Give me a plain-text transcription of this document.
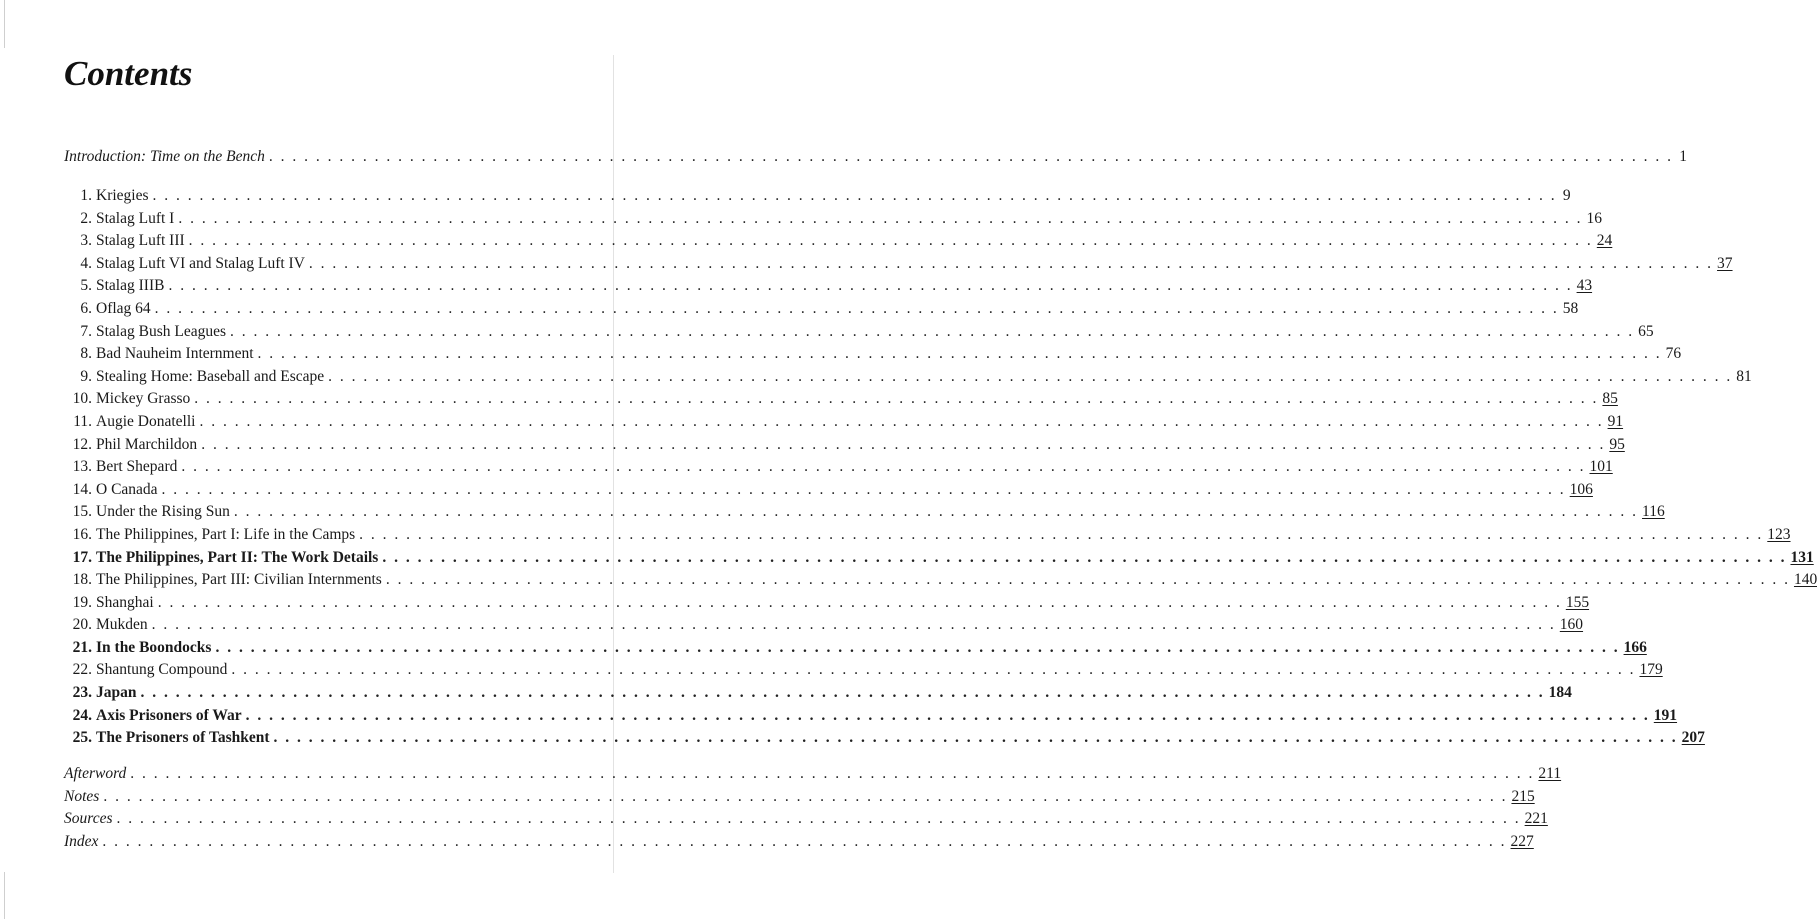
Contents
Introduction: Time on the Bench . . . . . . . . . . . . . . . . . . . . . . . . . . . . . . . . . . . . . . . . . . . . . . . . . . . . . . . . . . . . . . . . . . . . . . . . . . . . . . . . . . . . . . . . . . . . . . . . . . . . . . . . . . . . . . . . . . . . . . . . 1
1. Kriegies . . . . . . . . . . . . . . . . . . . . . . . . . . . . . . . . . . . . . . . . . . . . . . . . . . . . . . . . . . . . . . . . . . . . . . . . . . . . . . . . . . . . . . . . . . . . . . . . . . . . . . . . . . . . . . . . . . . . . . . . 9
2. Stalag Luft I . . . . . . . . . . . . . . . . . . . . . . . . . . . . . . . . . . . . . . . . . . . . . . . . . . . . . . . . . . . . . . . . . . . . . . . . . . . . . . . . . . . . . . . . . . . . . . . . . . . . . . . . . . . . . . . . . . . . . . . . 16
3. Stalag Luft III . . . . . . . . . . . . . . . . . . . . . . . . . . . . . . . . . . . . . . . . . . . . . . . . . . . . . . . . . . . . . . . . . . . . . . . . . . . . . . . . . . . . . . . . . . . . . . . . . . . . . . . . . . . . . . . . . . . . . . . . 24
4. Stalag Luft VI and Stalag Luft IV . . . . . . . . . . . . . . . . . . . . . . . . . . . . . . . . . . . . . . . . . . . . . . . . . . . . . . . . . . . . . . . . . . . . . . . . . . . . . . . . . . . . . . . . . . . . . . . . . . . . . . . . . . . . . . . . . . . . . . . . 37
5. Stalag IIIB . . . . . . . . . . . . . . . . . . . . . . . . . . . . . . . . . . . . . . . . . . . . . . . . . . . . . . . . . . . . . . . . . . . . . . . . . . . . . . . . . . . . . . . . . . . . . . . . . . . . . . . . . . . . . . . . . . . . . . . . 43
6. Oflag 64 . . . . . . . . . . . . . . . . . . . . . . . . . . . . . . . . . . . . . . . . . . . . . . . . . . . . . . . . . . . . . . . . . . . . . . . . . . . . . . . . . . . . . . . . . . . . . . . . . . . . . . . . . . . . . . . . . . . . . . . . 58
7. Stalag Bush Leagues . . . . . . . . . . . . . . . . . . . . . . . . . . . . . . . . . . . . . . . . . . . . . . . . . . . . . . . . . . . . . . . . . . . . . . . . . . . . . . . . . . . . . . . . . . . . . . . . . . . . . . . . . . . . . . . . . . . . . . . . 65
8. Bad Nauheim Internment . . . . . . . . . . . . . . . . . . . . . . . . . . . . . . . . . . . . . . . . . . . . . . . . . . . . . . . . . . . . . . . . . . . . . . . . . . . . . . . . . . . . . . . . . . . . . . . . . . . . . . . . . . . . . . . . . . . . . . . . 76
9. Stealing Home: Baseball and Escape . . . . . . . . . . . . . . . . . . . . . . . . . . . . . . . . . . . . . . . . . . . . . . . . . . . . . . . . . . . . . . . . . . . . . . . . . . . . . . . . . . . . . . . . . . . . . . . . . . . . . . . . . . . . . . . . . . . . . . . . 81
10. Mickey Grasso . . . . . . . . . . . . . . . . . . . . . . . . . . . . . . . . . . . . . . . . . . . . . . . . . . . . . . . . . . . . . . . . . . . . . . . . . . . . . . . . . . . . . . . . . . . . . . . . . . . . . . . . . . . . . . . . . . . . . . . . 85
11. Augie Donatelli . . . . . . . . . . . . . . . . . . . . . . . . . . . . . . . . . . . . . . . . . . . . . . . . . . . . . . . . . . . . . . . . . . . . . . . . . . . . . . . . . . . . . . . . . . . . . . . . . . . . . . . . . . . . . . . . . . . . . . . . 91
12. Phil Marchildon . . . . . . . . . . . . . . . . . . . . . . . . . . . . . . . . . . . . . . . . . . . . . . . . . . . . . . . . . . . . . . . . . . . . . . . . . . . . . . . . . . . . . . . . . . . . . . . . . . . . . . . . . . . . . . . . . . . . . . . . 95
13. Bert Shepard . . . . . . . . . . . . . . . . . . . . . . . . . . . . . . . . . . . . . . . . . . . . . . . . . . . . . . . . . . . . . . . . . . . . . . . . . . . . . . . . . . . . . . . . . . . . . . . . . . . . . . . . . . . . . . . . . . . . . . . . 101
14. O Canada . . . . . . . . . . . . . . . . . . . . . . . . . . . . . . . . . . . . . . . . . . . . . . . . . . . . . . . . . . . . . . . . . . . . . . . . . . . . . . . . . . . . . . . . . . . . . . . . . . . . . . . . . . . . . . . . . . . . . . . . 106
15. Under the Rising Sun . . . . . . . . . . . . . . . . . . . . . . . . . . . . . . . . . . . . . . . . . . . . . . . . . . . . . . . . . . . . . . . . . . . . . . . . . . . . . . . . . . . . . . . . . . . . . . . . . . . . . . . . . . . . . . . . . . . . . . . . 116
16. The Philippines, Part I: Life in the Camps . . . . . . . . . . . . . . . . . . . . . . . . . . . . . . . . . . . . . . . . . . . . . . . . . . . . . . . . . . . . . . . . . . . . . . . . . . . . . . . . . . . . . . . . . . . . . . . . . . . . . . . . . . . . . . . . . . . . . . . . 123
17. The Philippines, Part II: The Work Details . . . . . . . . . . . . . . . . . . . . . . . . . . . . . . . . . . . . . . . . . . . . . . . . . . . . . . . . . . . . . . . . . . . . . . . . . . . . . . . . . . . . . . . . . . . . . . . . . . . . . . . . . . . . . . . . . . . . . . . . 131
18. The Philippines, Part III: Civilian Internments . . . . . . . . . . . . . . . . . . . . . . . . . . . . . . . . . . . . . . . . . . . . . . . . . . . . . . . . . . . . . . . . . . . . . . . . . . . . . . . . . . . . . . . . . . . . . . . . . . . . . . . . . . . . . . . . . . . . . . . . 140
19. Shanghai . . . . . . . . . . . . . . . . . . . . . . . . . . . . . . . . . . . . . . . . . . . . . . . . . . . . . . . . . . . . . . . . . . . . . . . . . . . . . . . . . . . . . . . . . . . . . . . . . . . . . . . . . . . . . . . . . . . . . . . . 155
20. Mukden . . . . . . . . . . . . . . . . . . . . . . . . . . . . . . . . . . . . . . . . . . . . . . . . . . . . . . . . . . . . . . . . . . . . . . . . . . . . . . . . . . . . . . . . . . . . . . . . . . . . . . . . . . . . . . . . . . . . . . . . 160
21. In the Boondocks . . . . . . . . . . . . . . . . . . . . . . . . . . . . . . . . . . . . . . . . . . . . . . . . . . . . . . . . . . . . . . . . . . . . . . . . . . . . . . . . . . . . . . . . . . . . . . . . . . . . . . . . . . . . . . . . . . . . . . . . 166
22. Shantung Compound . . . . . . . . . . . . . . . . . . . . . . . . . . . . . . . . . . . . . . . . . . . . . . . . . . . . . . . . . . . . . . . . . . . . . . . . . . . . . . . . . . . . . . . . . . . . . . . . . . . . . . . . . . . . . . . . . . . . . . . . 179
23. Japan . . . . . . . . . . . . . . . . . . . . . . . . . . . . . . . . . . . . . . . . . . . . . . . . . . . . . . . . . . . . . . . . . . . . . . . . . . . . . . . . . . . . . . . . . . . . . . . . . . . . . . . . . . . . . . . . . . . . . . . . 184
24. Axis Prisoners of War . . . . . . . . . . . . . . . . . . . . . . . . . . . . . . . . . . . . . . . . . . . . . . . . . . . . . . . . . . . . . . . . . . . . . . . . . . . . . . . . . . . . . . . . . . . . . . . . . . . . . . . . . . . . . . . . . . . . . . . . 191
25. The Prisoners of Tashkent . . . . . . . . . . . . . . . . . . . . . . . . . . . . . . . . . . . . . . . . . . . . . . . . . . . . . . . . . . . . . . . . . . . . . . . . . . . . . . . . . . . . . . . . . . . . . . . . . . . . . . . . . . . . . . . . . . . . . . . . 207
Afterword . . . . . . . . . . . . . . . . . . . . . . . . . . . . . . . . . . . . . . . . . . . . . . . . . . . . . . . . . . . . . . . . . . . . . . . . . . . . . . . . . . . . . . . . . . . . . . . . . . . . . . . . . . . . . . . . . . . . . . . . 211
Notes . . . . . . . . . . . . . . . . . . . . . . . . . . . . . . . . . . . . . . . . . . . . . . . . . . . . . . . . . . . . . . . . . . . . . . . . . . . . . . . . . . . . . . . . . . . . . . . . . . . . . . . . . . . . . . . . . . . . . . . . 215
Sources . . . . . . . . . . . . . . . . . . . . . . . . . . . . . . . . . . . . . . . . . . . . . . . . . . . . . . . . . . . . . . . . . . . . . . . . . . . . . . . . . . . . . . . . . . . . . . . . . . . . . . . . . . . . . . . . . . . . . . . . 221
Index . . . . . . . . . . . . . . . . . . . . . . . . . . . . . . . . . . . . . . . . . . . . . . . . . . . . . . . . . . . . . . . . . . . . . . . . . . . . . . . . . . . . . . . . . . . . . . . . . . . . . . . . . . . . . . . . . . . . . . . . 227
